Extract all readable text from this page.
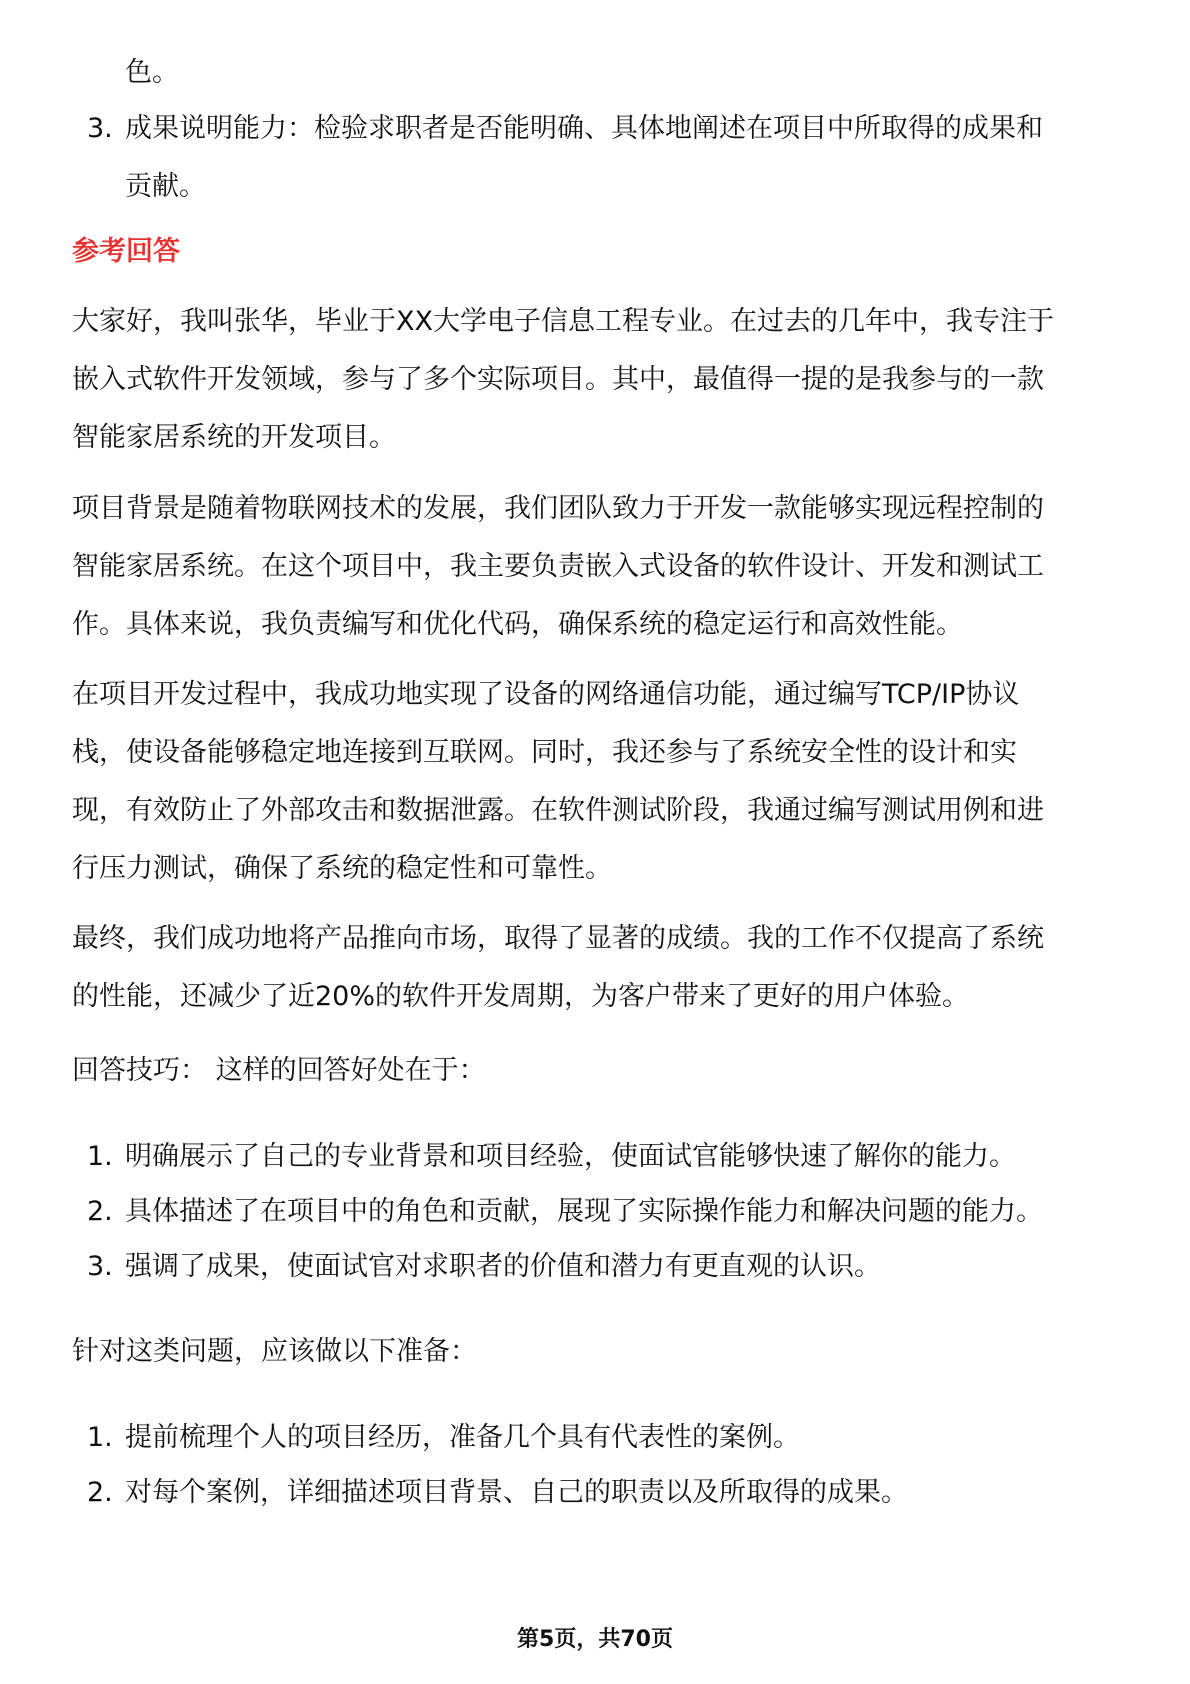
色。
3. 成果说明能力：检验求职者是否能明确、具体地阐述在项目中所取得的成果和
贡献。
参考回答
大家好，我叫张华，毕业于XX大学电子信息工程专业。在过去的几年中，我专注于
嵌入式软件开发领域，参与了多个实际项目。其中，最值得一提的是我参与的一款
智能家居系统的开发项目。
项目背景是随着物联网技术的发展，我们团队致力于开发一款能够实现远程控制的
智能家居系统。在这个项目中，我主要负责嵌入式设备的软件设计、开发和测试工
作。具体来说，我负责编写和优化代码，确保系统的稳定运行和高效性能。
在项目开发过程中，我成功地实现了设备的网络通信功能，通过编写TCP/IP协议
栈，使设备能够稳定地连接到互联网。同时，我还参与了系统安全性的设计和实
现，有效防止了外部攻击和数据泄露。在软件测试阶段，我通过编写测试用例和进
行压力测试，确保了系统的稳定性和可靠性。
最终，我们成功地将产品推向市场，取得了显著的成绩。我的工作不仅提高了系统
的性能，还减少了近20%的软件开发周期，为客户带来了更好的用户体验。
回答技巧： 这样的回答好处在于：
1. 明确展示了自己的专业背景和项目经验，使面试官能够快速了解你的能力。
2. 具体描述了在项目中的角色和贡献，展现了实际操作能力和解决问题的能力。
3. 强调了成果，使面试官对求职者的价值和潜力有更直观的认识。
针对这类问题，应该做以下准备：
1. 提前梳理个人的项目经历，准备几个具有代表性的案例。
2. 对每个案例，详细描述项目背景、自己的职责以及所取得的成果。
第5页，共70页
